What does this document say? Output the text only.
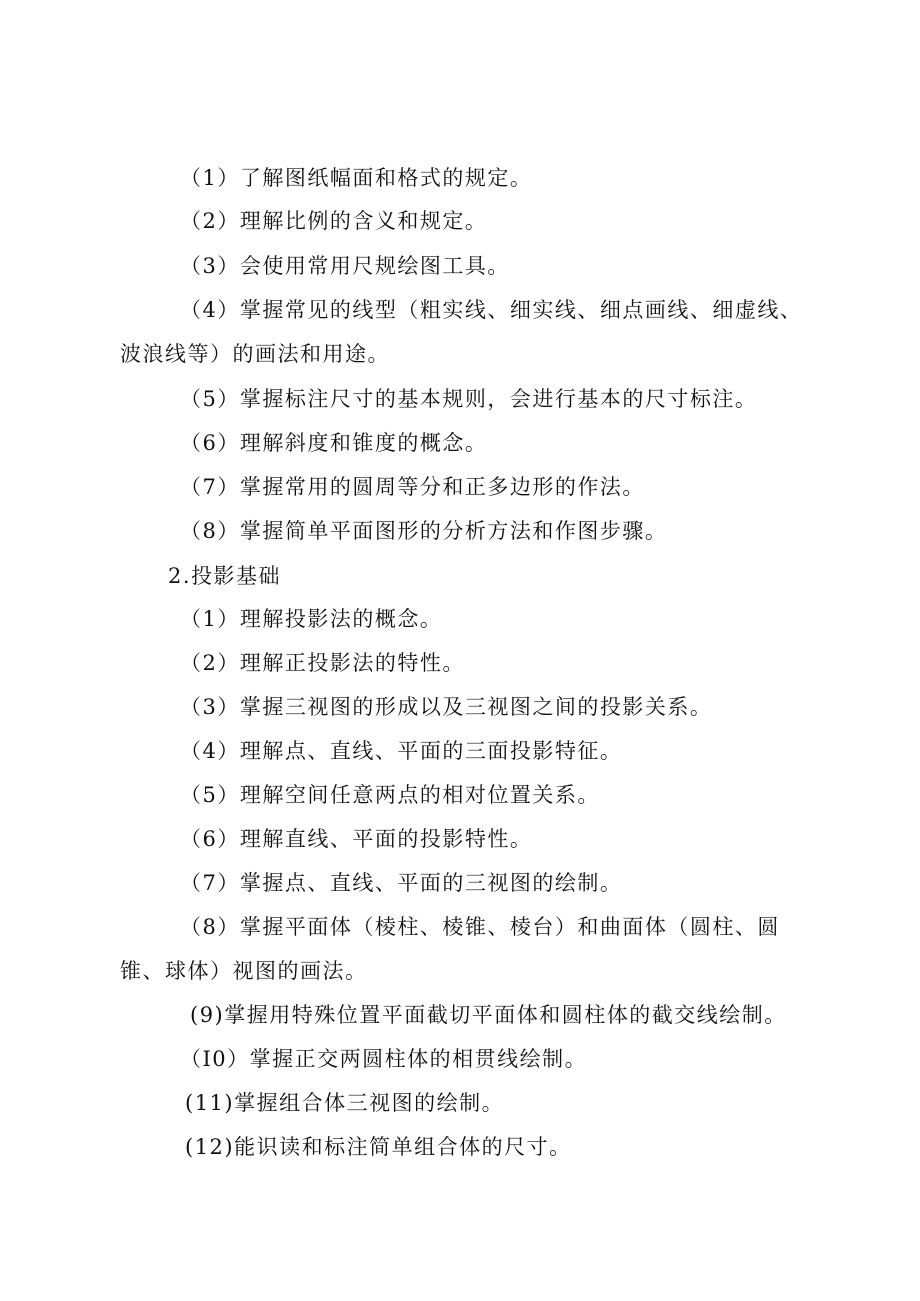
（1）了解图纸幅面和格式的规定。
（2）理解比例的含义和规定。
（3）会使用常用尺规绘图工具。
（4）掌握常见的线型（粗实线、细实线、细点画线、细虚线、
波浪线等）的画法和用途。
（5）掌握标注尺寸的基本规则，会进行基本的尺寸标注。
（6）理解斜度和锥度的概念。
（7）掌握常用的圆周等分和正多边形的作法。
（8）掌握简单平面图形的分析方法和作图步骤。
2.投影基础
（1）理解投影法的概念。
（2）理解正投影法的特性。
（3）掌握三视图的形成以及三视图之间的投影关系。
（4）理解点、直线、平面的三面投影特征。
（5）理解空间任意两点的相对位置关系。
（6）理解直线、平面的投影特性。
（7）掌握点、直线、平面的三视图的绘制。
（8）掌握平面体（棱柱、棱锥、棱台）和曲面体（圆柱、圆
锥、球体）视图的画法。
(9)掌握用特殊位置平面截切平面体和圆柱体的截交线绘制。
（I0）掌握正交两圆柱体的相贯线绘制。
(11)掌握组合体三视图的绘制。
(12)能识读和标注简单组合体的尺寸。
